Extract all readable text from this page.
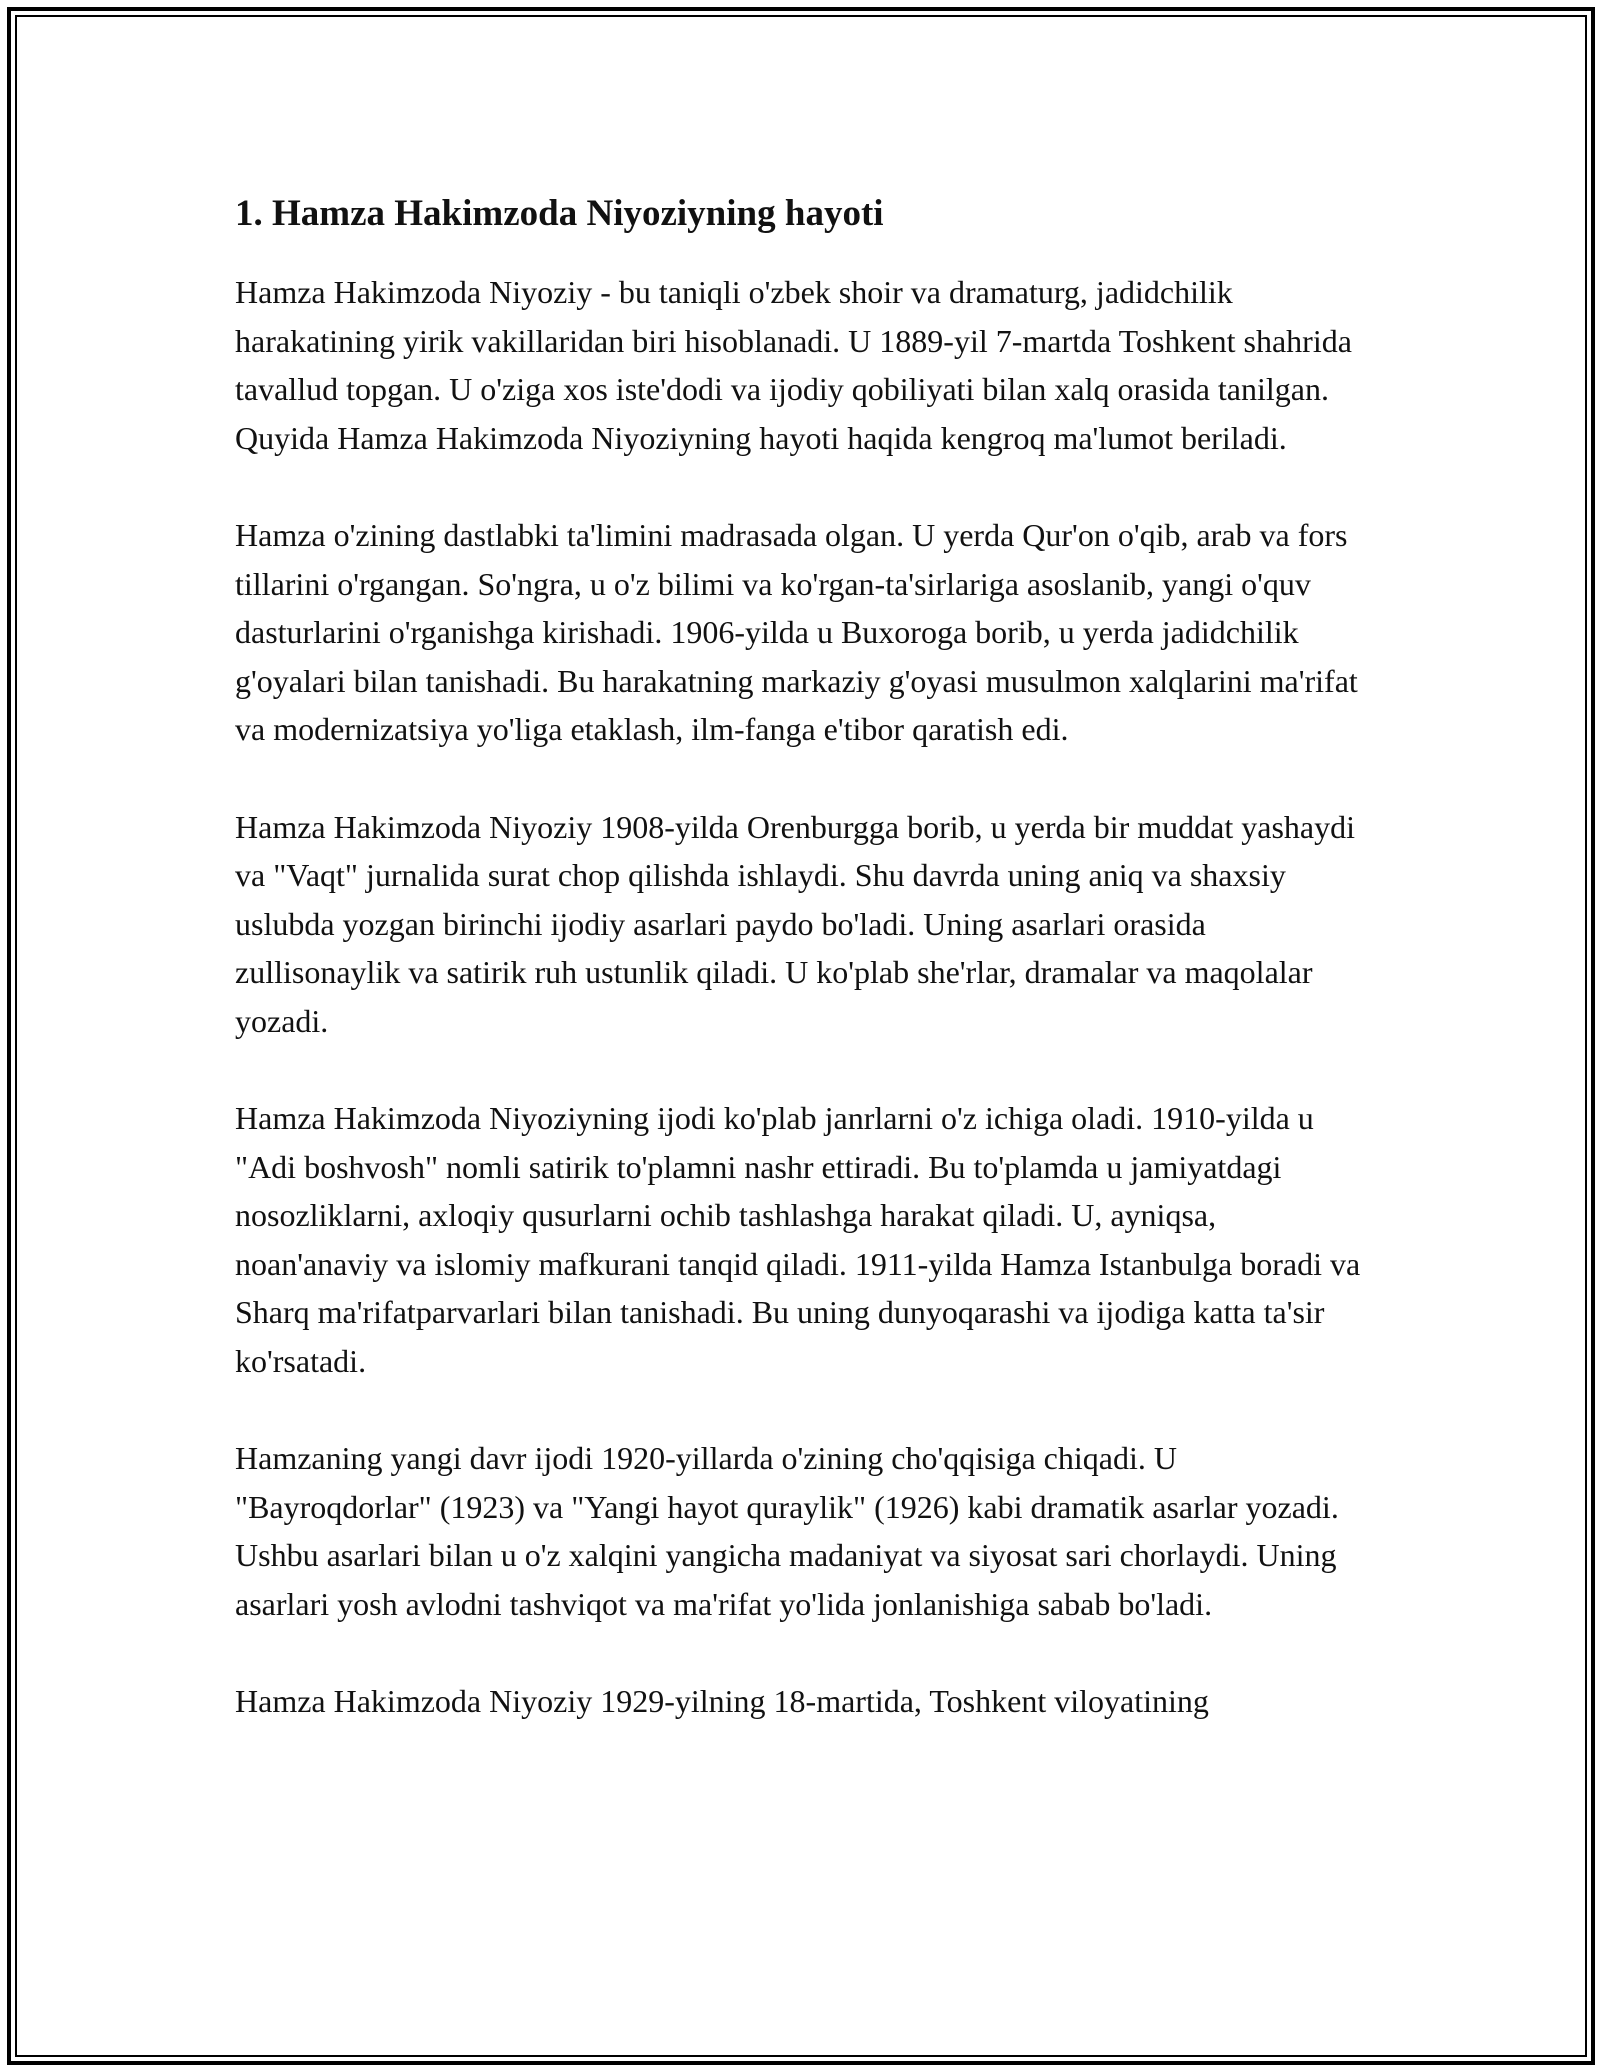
1. Hamza Hakimzoda Niyoziyning hayoti

Hamza Hakimzoda Niyoziy - bu taniqli o'zbek shoir va dramaturg, jadidchilik harakatining yirik vakillaridan biri hisoblanadi. U 1889-yil 7-martda Toshkent shahrida tavallud topgan. U o'ziga xos iste'dodi va ijodiy qobiliyati bilan xalq orasida tanilgan. Quyida Hamza Hakimzoda Niyoziyning hayoti haqida kengroq ma'lumot beriladi.

Hamza o'zining dastlabki ta'limini madrasada olgan. U yerda Qur'on o'qib, arab va fors tillarini o'rgangan. So'ngra, u o'z bilimi va ko'rgan-ta'sirlariga asoslanib, yangi o'quv dasturlarini o'rganishga kirishadi. 1906-yilda u Buxoroga borib, u yerda jadidchilik g'oyalari bilan tanishadi. Bu harakatning markaziy g'oyasi musulmon xalqlarini ma'rifat va modernizatsiya yo'liga etaklash, ilm-fanga e'tibor qaratish edi.

Hamza Hakimzoda Niyoziy 1908-yilda Orenburgga borib, u yerda bir muddat yashaydi va "Vaqt" jurnalida surat chop qilishda ishlaydi. Shu davrda uning aniq va shaxsiy uslubda yozgan birinchi ijodiy asarlari paydo bo'ladi. Uning asarlari orasida zullisonaylik va satirik ruh ustunlik qiladi. U ko'plab she'rlar, dramalar va maqolalar yozadi.

Hamza Hakimzoda Niyoziyning ijodi ko'plab janrlarni o'z ichiga oladi. 1910-yilda u "Adi boshvosh" nomli satirik to'plamni nashr ettiradi. Bu to'plamda u jamiyatdagi nosozliklarni, axloqiy qusurlarni ochib tashlashga harakat qiladi. U, ayniqsa, noan'anaviy va islomiy mafkurani tanqid qiladi. 1911-yilda Hamza Istanbulga boradi va Sharq ma'rifatparvarlari bilan tanishadi. Bu uning dunyoqarashi va ijodiga katta ta'sir ko'rsatadi.

Hamzaning yangi davr ijodi 1920-yillarda o'zining cho'qqisiga chiqadi. U "Bayroqdorlar" (1923) va "Yangi hayot quraylik" (1926) kabi dramatik asarlar yozadi. Ushbu asarlari bilan u o'z xalqini yangicha madaniyat va siyosat sari chorlaydi. Uning asarlari yosh avlodni tashviqot va ma'rifat yo'lida jonlanishiga sabab bo'ladi.

Hamza Hakimzoda Niyoziy 1929-yilning 18-martida, Toshkent viloyatining
